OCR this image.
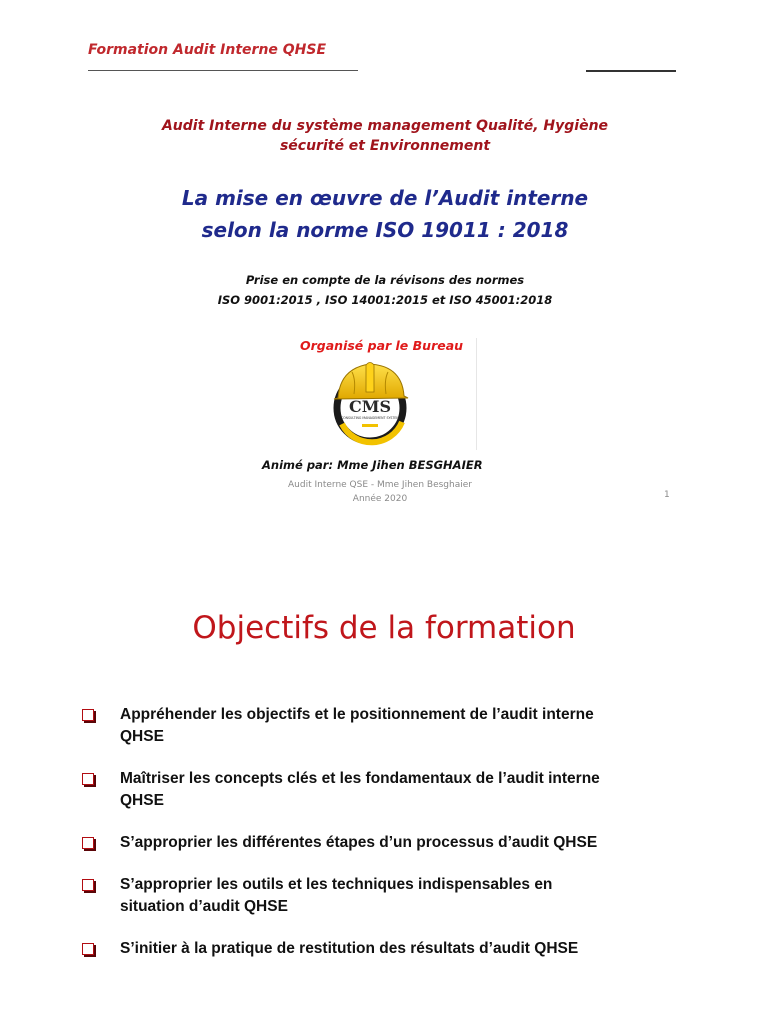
Formation Audit Interne QHSE
Audit Interne du système management Qualité, Hygiène
sécurité et Environnement
La mise en œuvre de l’Audit interne
selon la norme ISO 19011 : 2018
Prise en compte de la révisons des normes
ISO 9001:2015 , ISO 14001:2015 et ISO 45001:2018
Organisé par le Bureau
CMS
CONSULTING MANAGEMENT SYSTEM
Animé par: Mme Jihen BESGHAIER
Audit Interne QSE - Mme Jihen Besghaier
Année 2020	1
Objectifs de la formation
Appréhender les objectifs et le positionnement de l’audit interne
QHSE
Maîtriser les concepts clés et les fondamentaux de l’audit interne
QHSE
S’approprier les différentes étapes d’un processus d’audit QHSE
S’approprier les outils et les techniques indispensables en
situation d’audit QHSE
S’initier à la pratique de restitution des résultats d’audit QHSE
